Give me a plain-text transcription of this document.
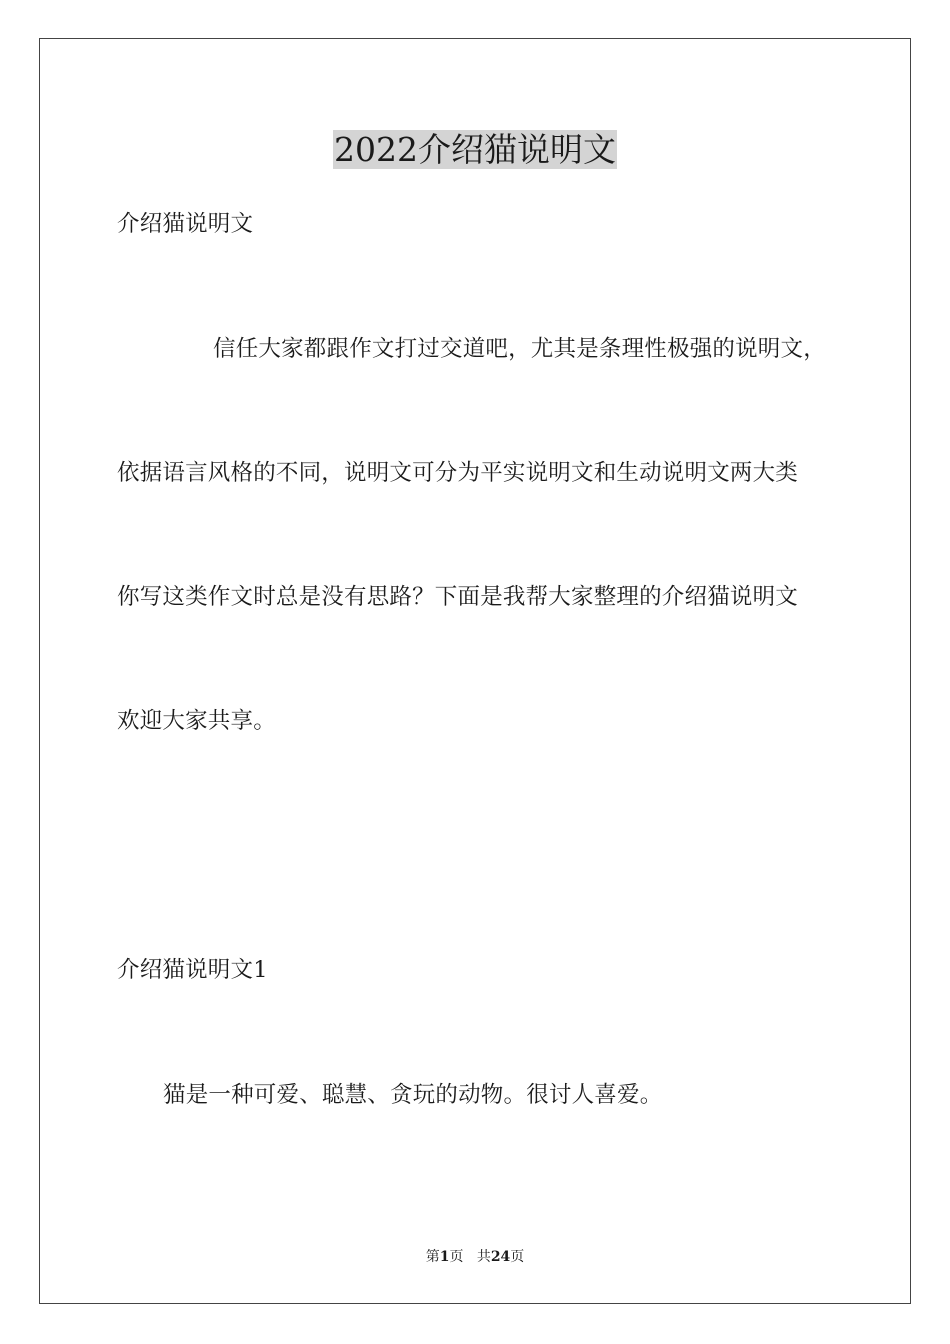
2022介绍猫说明文
介绍猫说明文
信任大家都跟作文打过交道吧，尤其是条理性极强的说明文，
依据语言风格的不同，说明文可分为平实说明文和生动说明文两大类
你写这类作文时总是没有思路？下面是我帮大家整理的介绍猫说明文
欢迎大家共享。
介绍猫说明文1
猫是一种可爱、聪慧、贪玩的动物。很讨人喜爱。
第1页 共24页
